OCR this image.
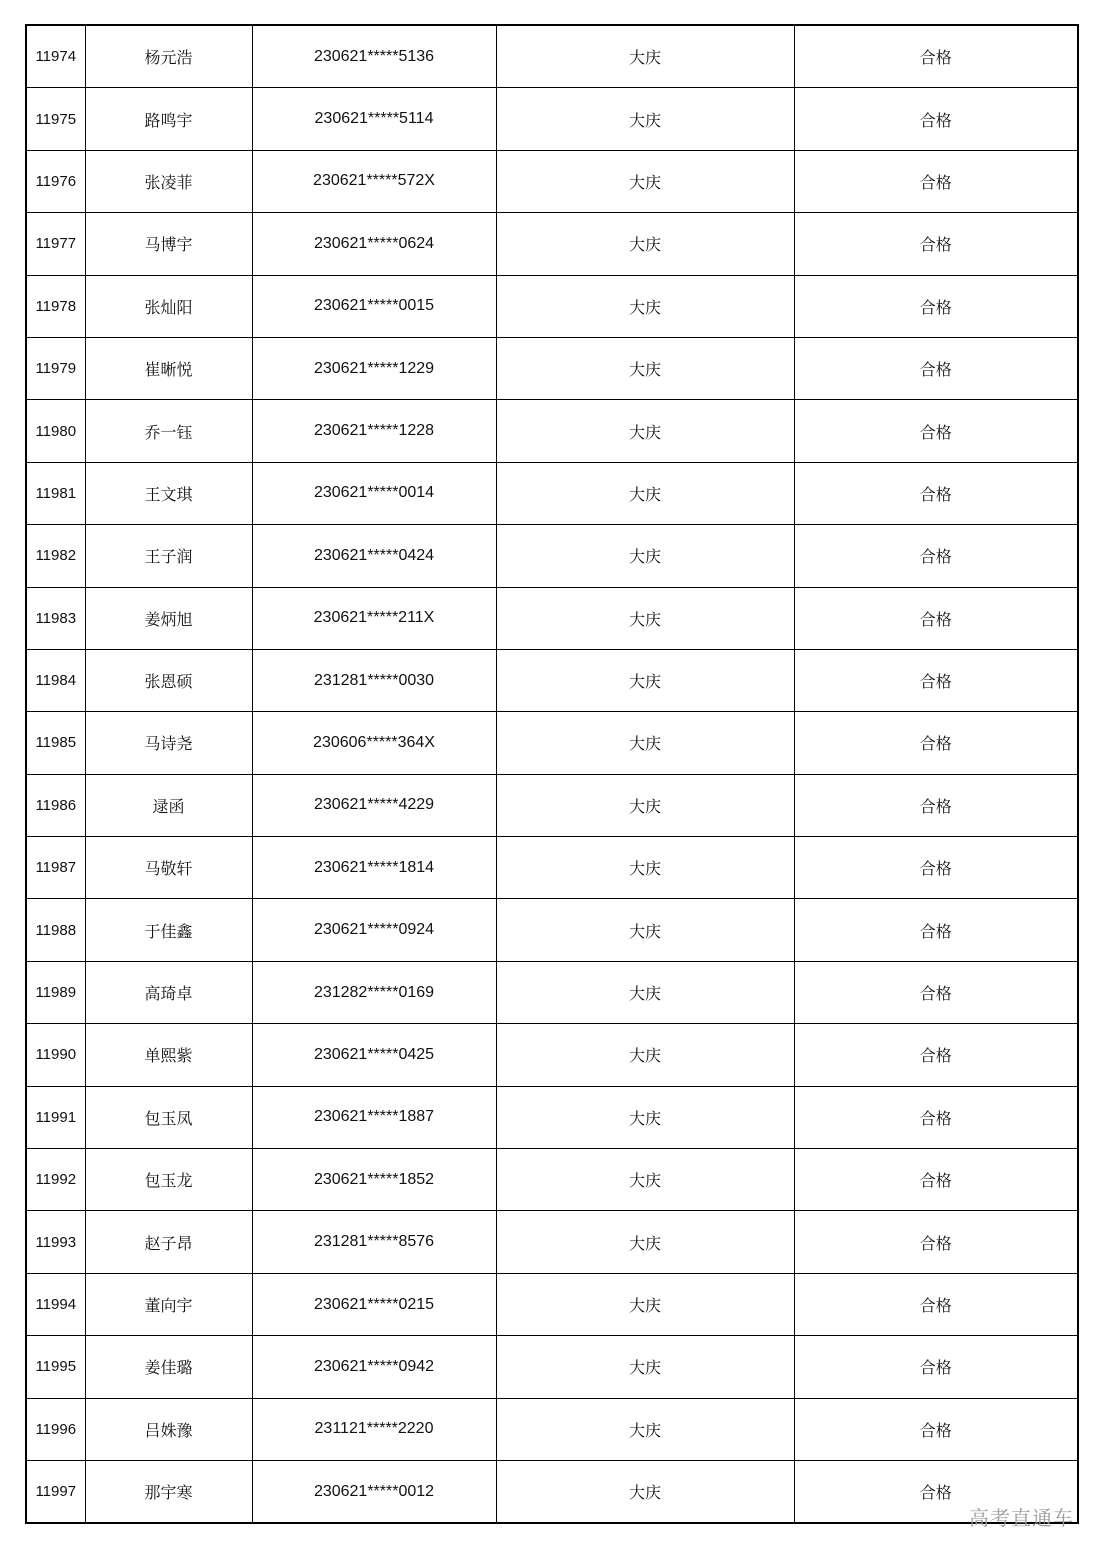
11974	杨元浩	230621*****5136	大庆	合格
11975	路鸣宇	230621*****5114	大庆	合格
11976	张凌菲	230621*****572X	大庆	合格
11977	马博宇	230621*****0624	大庆	合格
11978	张灿阳	230621*****0015	大庆	合格
11979	崔晰悦	230621*****1229	大庆	合格
11980	乔一钰	230621*****1228	大庆	合格
11981	王文琪	230621*****0014	大庆	合格
11982	王子润	230621*****0424	大庆	合格
11983	姜炳旭	230621*****211X	大庆	合格
11984	张恩硕	231281*****0030	大庆	合格
11985	马诗尧	230606*****364X	大庆	合格
11986	逯函	230621*****4229	大庆	合格
11987	马敬轩	230621*****1814	大庆	合格
11988	于佳鑫	230621*****0924	大庆	合格
11989	高琦卓	231282*****0169	大庆	合格
11990	单熙紫	230621*****0425	大庆	合格
11991	包玉凤	230621*****1887	大庆	合格
11992	包玉龙	230621*****1852	大庆	合格
11993	赵子昂	231281*****8576	大庆	合格
11994	董向宇	230621*****0215	大庆	合格
11995	姜佳璐	230621*****0942	大庆	合格
11996	吕姝豫	231121*****2220	大庆	合格
11997	那宇寒	230621*****0012	大庆	合格
高考直通车
